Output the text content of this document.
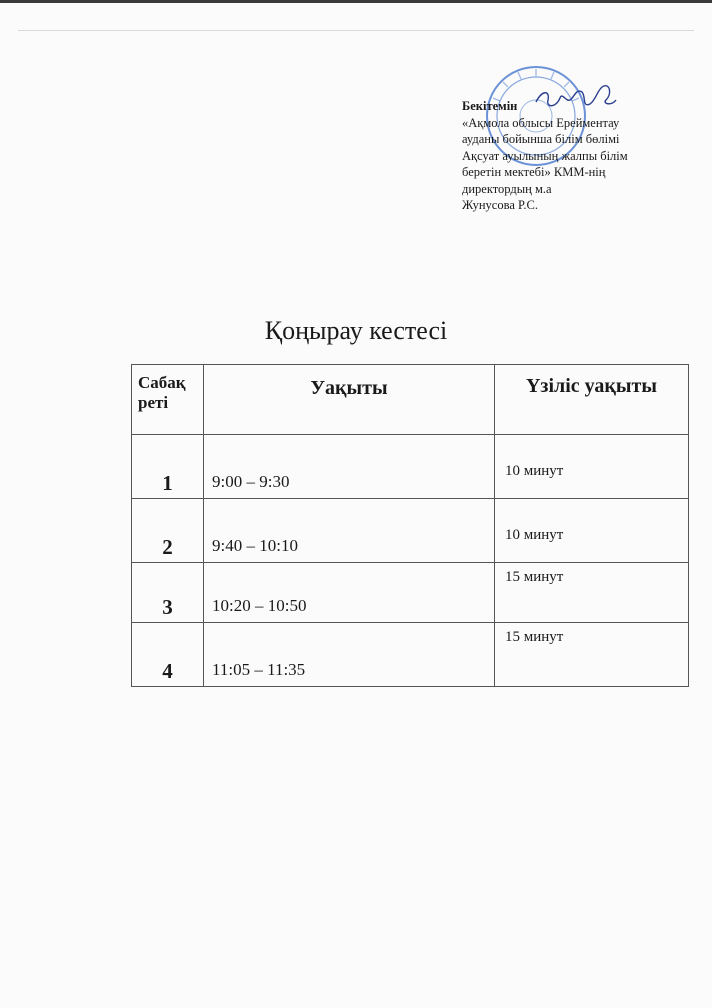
Бекітемін
«Ақмола облысы Ерейментау
ауданы бойынша білім бөлімі
Ақсуат ауылының жалпы білім
беретін мектебі» КММ-нің
директордың м.а
Жунусова Р.С.
Қоңырау кестесі
Сабақ реті	Уақыты	Үзіліс уақыты
1	9:00 – 9:30	10 минут
2	9:40 – 10:10	10 минут
3	10:20 – 10:50	15 минут
4	11:05 – 11:35	15 минут
